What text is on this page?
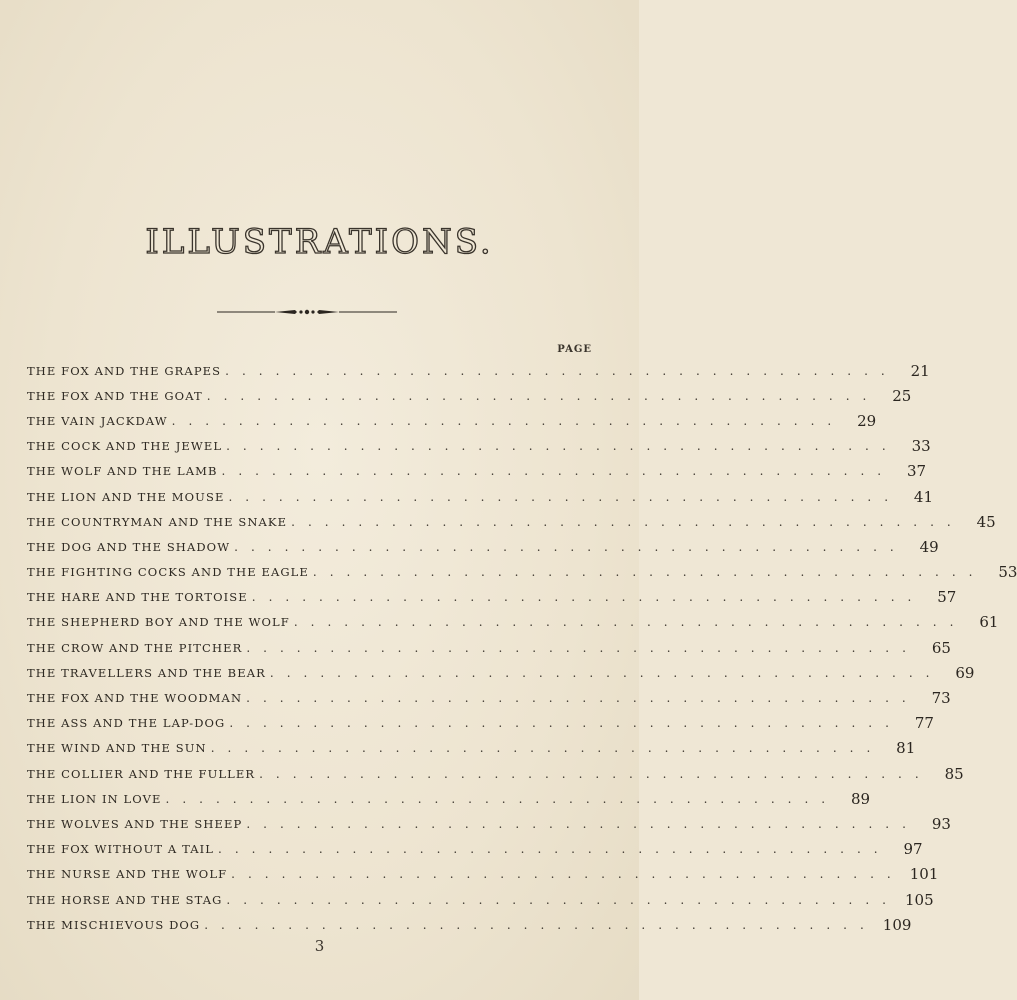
ILLUSTRATIONS.
PAGE
THE FOX AND THE GRAPES ........................................ 21
THE FOX AND THE GOAT ........................................ 25
THE VAIN JACKDAW ........................................ 29
THE COCK AND THE JEWEL ........................................ 33
THE WOLF AND THE LAMB ........................................ 37
THE LION AND THE MOUSE ........................................ 41
THE COUNTRYMAN AND THE SNAKE ........................................ 45
THE DOG AND THE SHADOW ........................................ 49
THE FIGHTING COCKS AND THE EAGLE ........................................ 53
THE HARE AND THE TORTOISE ........................................ 57
THE SHEPHERD BOY AND THE WOLF ........................................ 61
THE CROW AND THE PITCHER ........................................ 65
THE TRAVELLERS AND THE BEAR ........................................ 69
THE FOX AND THE WOODMAN ........................................ 73
THE ASS AND THE LAP-DOG ........................................ 77
THE WIND AND THE SUN ........................................ 81
THE COLLIER AND THE FULLER ........................................ 85
THE LION IN LOVE ........................................ 89
THE WOLVES AND THE SHEEP ........................................ 93
THE FOX WITHOUT A TAIL ........................................ 97
THE NURSE AND THE WOLF ........................................ 101
THE HORSE AND THE STAG ........................................ 105
THE MISCHIEVOUS DOG ........................................ 109
3
